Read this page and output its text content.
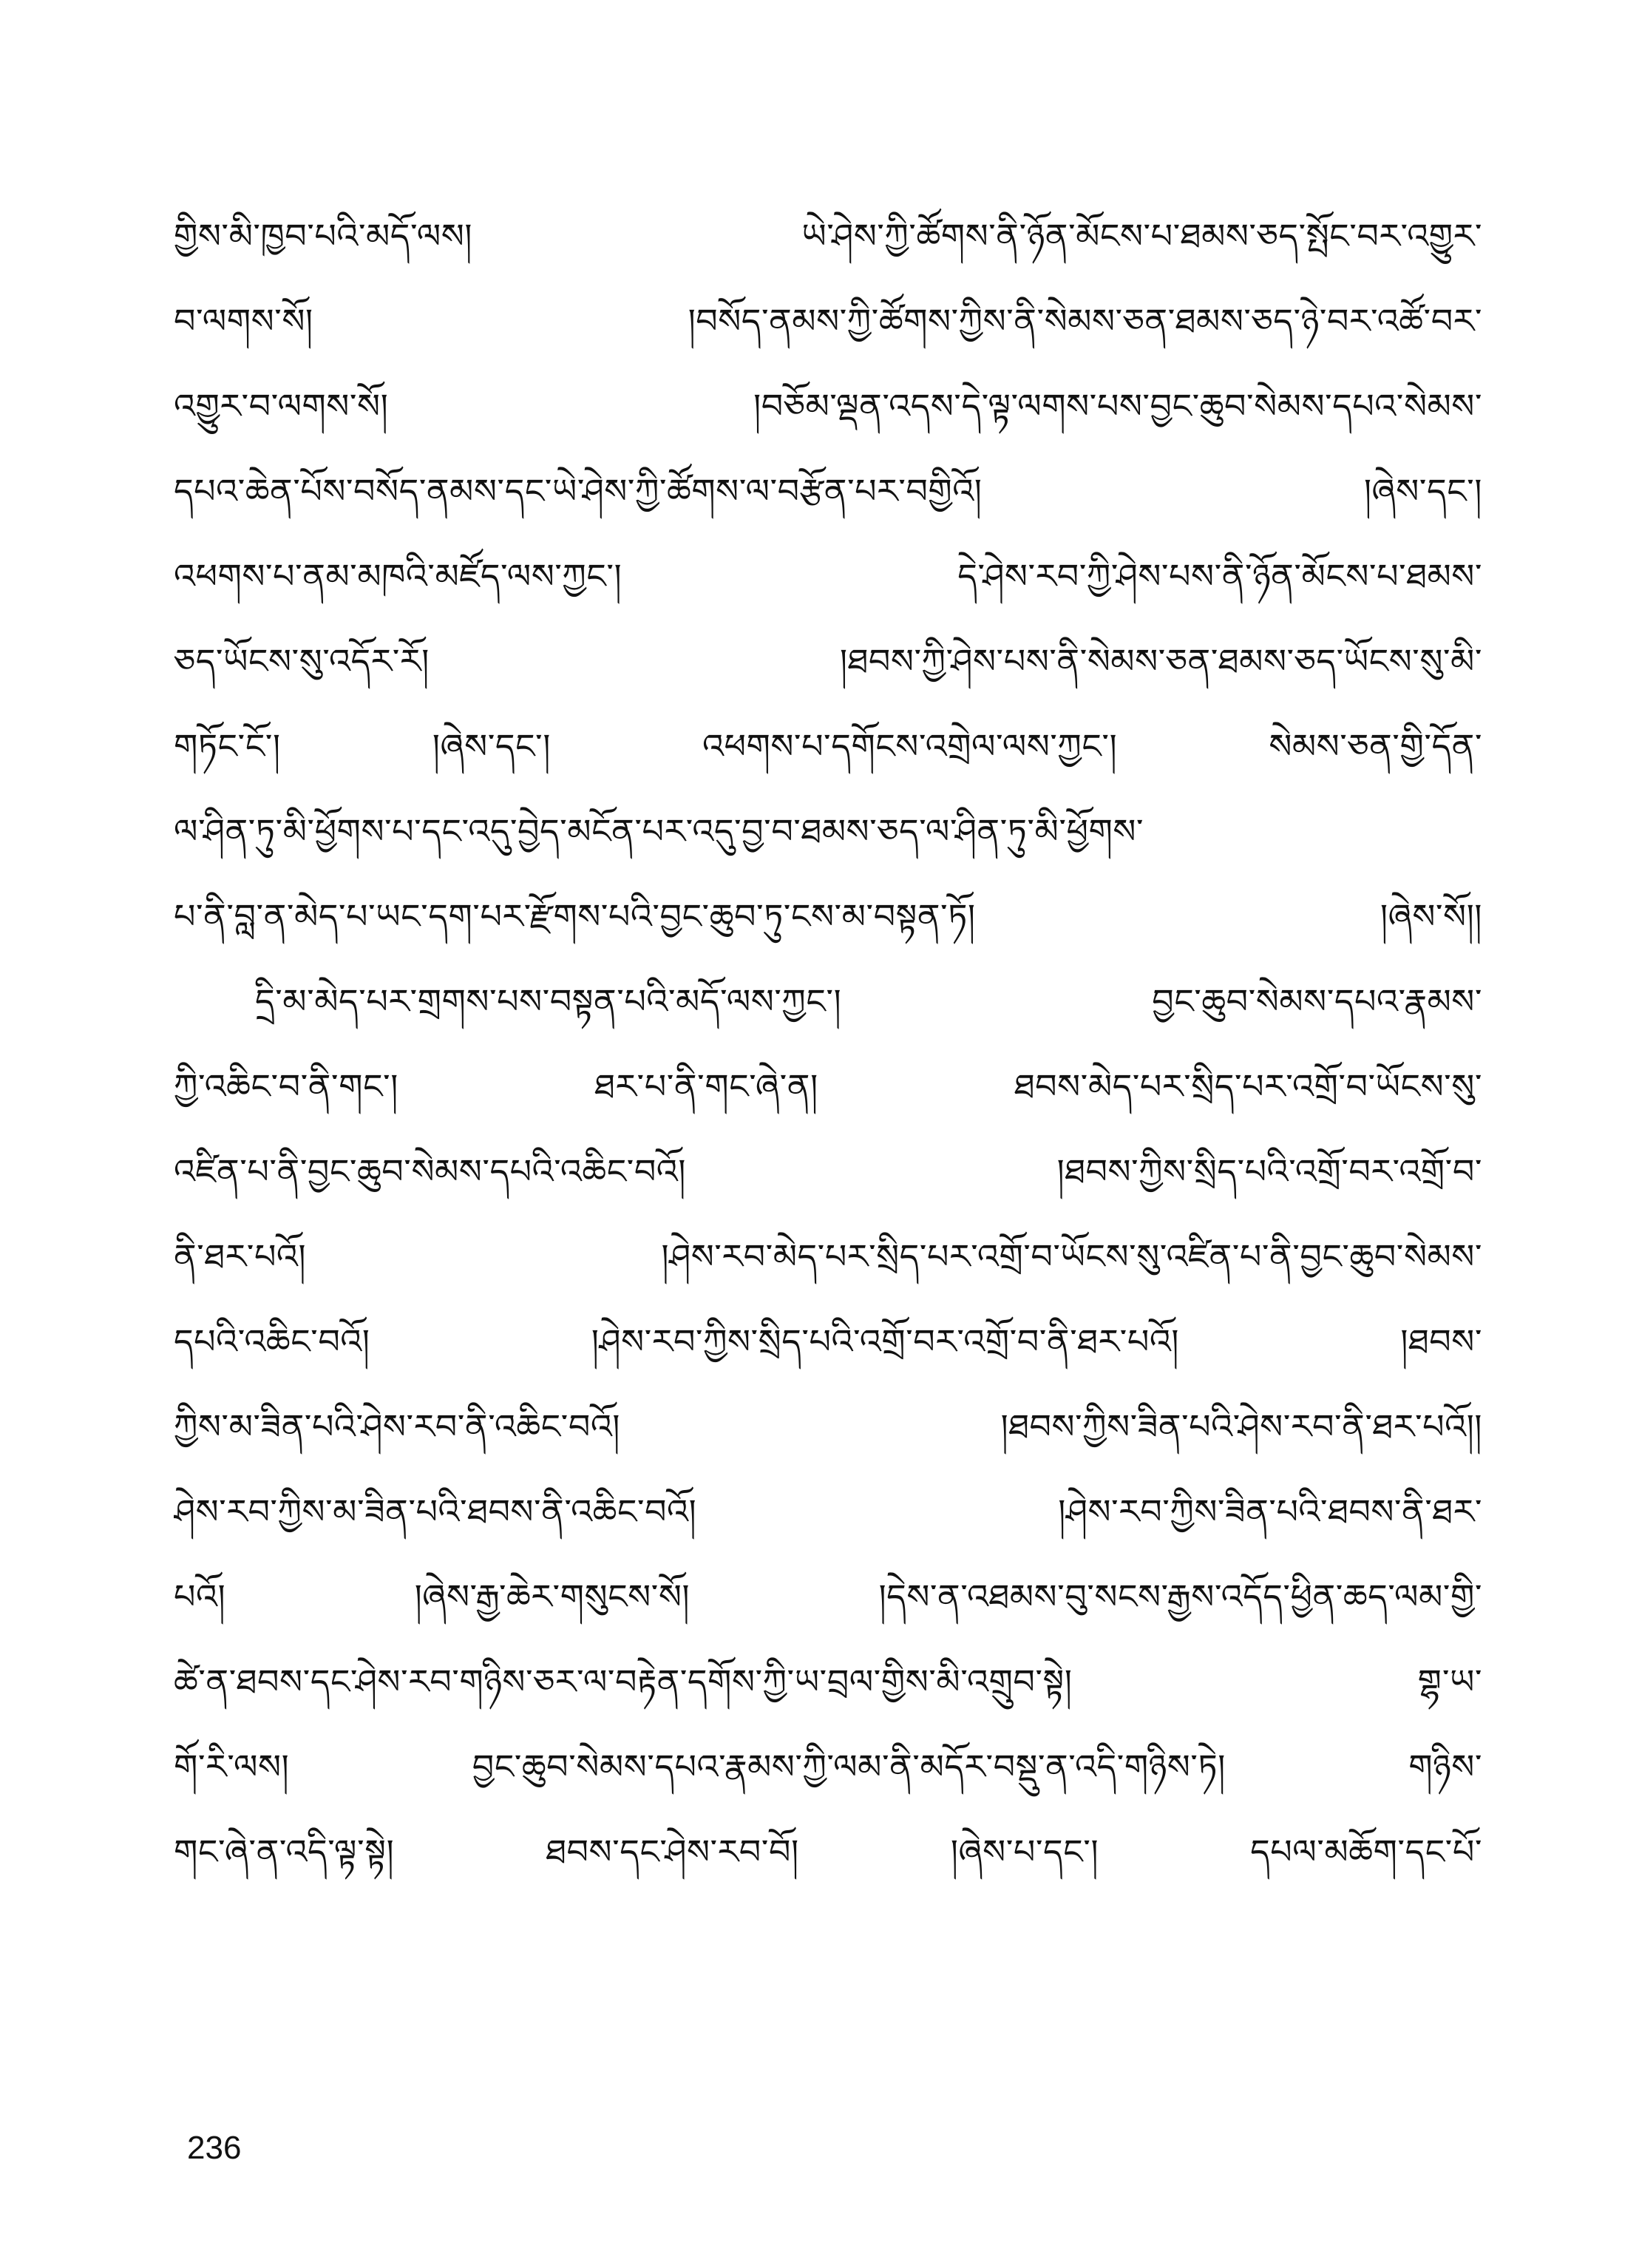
གྱིས་མི་ཁྱབ་པའི་མདོ་ལས། ཡེ་ཤེས་ཀྱི་ཚོགས་ནི་ཉོན་མོངས་པ་ཐམས་ཅད་སྤོང་བར་འགྱུར་
བ་ལགས་སོ། །བསོད་ནམས་ཀྱི་ཚོགས་ཀྱིས་ནི་སེམས་ཅན་ཐམས་ཅད་ཉེ་བར་འཚོ་བར་
འགྱུར་བ་ལགས་སོ། །བཅོམ་ལྡན་འདས་དེ་ལྟ་ལགས་པས་བྱང་ཆུབ་སེམས་དཔའ་སེམས་
དཔའ་ཆེན་པོས་བསོད་ནམས་དང་ཡེ་ཤེས་ཀྱི་ཚོགས་ལ་བརྩོན་པར་བགྱིའོ། །ཞེས་དང་།
འཕགས་པ་ནམ་མཁའི་མཛོད་ལས་ཀྱང་། དེ་ཤེས་རབ་ཀྱི་ཤེས་པས་ནི་ཉོན་མོངས་པ་ཐམས་
ཅད་ཡོངས་སུ་འདོར་རོ། །ཐབས་ཀྱི་ཤེས་པས་ནི་སེམས་ཅན་ཐམས་ཅད་ཡོངས་སུ་མི་
གཏོང་ངོ་། །ཞེས་དང་། འཕགས་པ་དགོངས་འགྲེལ་ལས་ཀྱང་། སེམས་ཅན་གྱི་དོན་
ལ་ཤིན་ཏུ་མི་ཕྱོགས་པ་དང་འདུ་བྱེད་མངོན་པར་འདུ་བྱ་བ་ཐམས་ཅད་ལ་ཤིན་ཏུ་མི་ཕྱོགས་
པ་ནི་བླ་ན་མེད་པ་ཡང་དག་པར་རྫོགས་པའི་བྱང་ཆུབ་ཏུ་ངས་མ་བསྟན་ཏོ། །ཞེས་སོ།།
དྲི་མ་མེད་པར་གྲགས་པས་བསྟན་པའི་མདོ་ལས་ཀྱང་། བྱང་ཆུབ་སེམས་དཔའ་རྣམས་
ཀྱི་འཆིང་བ་ནི་གང་། ཐར་པ་ནི་གང་ཞེ་ན། ཐབས་མེད་པར་སྲིད་པར་འགྲོ་བ་ཡོངས་སུ་
འཛིན་པ་ནི་བྱང་ཆུབ་སེམས་དཔའི་འཆིང་བའོ། །ཐབས་ཀྱིས་སྲིད་པའི་འགྲོ་བར་འགྲོ་བ་
ནི་ཐར་པའོ། །ཤེས་རབ་མེད་པར་སྲིད་པར་འགྲོ་བ་ཡོངས་སུ་འཛིན་པ་ནི་བྱང་ཆུབ་སེམས་
དཔའི་འཆིང་བའོ། །ཤེས་རབ་ཀྱིས་སྲིད་པའི་འགྲོ་བར་འགྲོ་བ་ནི་ཐར་པའོ། །ཐབས་
ཀྱིས་མ་ཟིན་པའི་ཤེས་རབ་ནི་འཆིང་བའོ། །ཐབས་ཀྱིས་ཟིན་པའི་ཤེས་རབ་ནི་ཐར་པའོ།།
ཤེས་རབ་ཀྱིས་མ་ཟིན་པའི་ཐབས་ནི་འཆིང་བའོ། །ཤེས་རབ་ཀྱིས་ཟིན་པའི་ཐབས་ནི་ཐར་
པའོ། །ཞེས་རྒྱ་ཆེར་གསུངས་སོ། །དེས་ན་འཐམས་བུ་སངས་རྒྱས་འདོད་ཕྱིན་ཆད་ལམ་གྱི་
ཚེ་ན་ཐབས་དང་ཤེས་རབ་གཉིས་ཅར་ལ་བརྟེན་དགོས་ཀྱི་ཡ་བྲལ་གྱིས་མི་འགྲུབ་སྟེ། གྷ་ཡ་
གོ་རི་ལས། བྱང་ཆུབ་སེམས་དཔའ་རྣམས་ཀྱི་ལམ་ནི་མདོར་བསྡུ་ན་འདི་གཉིས་ཏེ། གཉིས་
གང་ཞེ་ན་འདི་ལྟ་སྟེ། ཐབས་དང་ཤེས་རབ་བོ། །ཞེས་པ་དང་། དཔལ་མཆོག་དང་པོ་
236
